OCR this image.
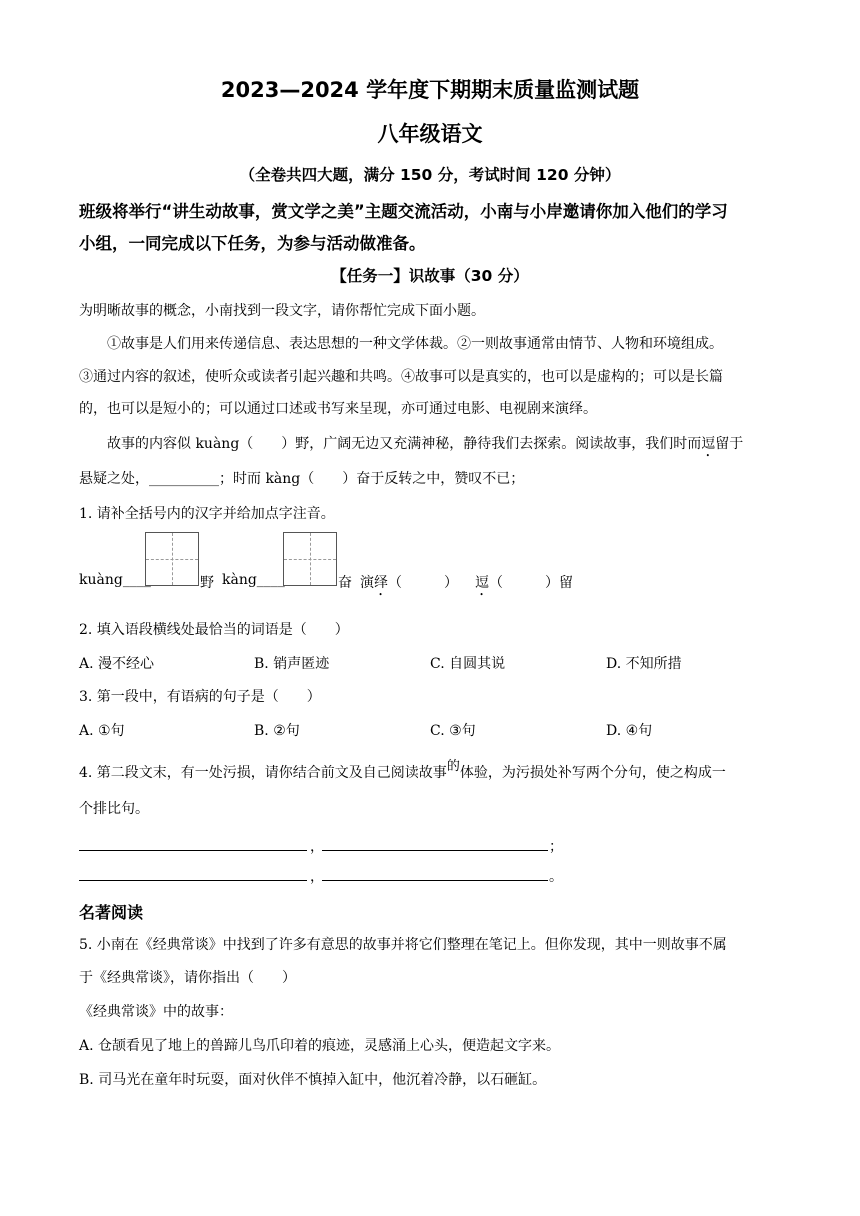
2023—2024 学年度下期期末质量监测试题
八年级语文
（全卷共四大题，满分 150 分，考试时间 120 分钟）
班级将举行“讲生动故事，赏文学之美”主题交流活动，小南与小岸邀请你加入他们的学习
小组，一同完成以下任务，为参与活动做准备。
【任务一】识故事（30 分）
为明晰故事的概念，小南找到一段文字，请你帮忙完成下面小题。
①故事是人们用来传递信息、表达思想的一种文学体裁。②一则故事通常由情节、人物和环境组成。
③通过内容的叙述，使听众或读者引起兴趣和共鸣。④故事可以是真实的，也可以是虚构的；可以是长篇
的，也可以是短小的；可以通过口述或书写来呈现，亦可通过电影、电视剧来演绎。
故事的内容似 kuàng（　　）野，广阔无边又充满神秘，静待我们去探索。阅读故事，我们时而逗留于
悬疑之处，__________；时而 kàng（　　）奋于反转之中，赞叹不已；
1. 请补全括号内的汉字并给加点字注音。
kuàng____	野 kàng____	奋 演绎（　　　） 逗（　　　）留
2. 填入语段横线处最恰当的词语是（　　）
A. 漫不经心	B. 销声匿迹	C. 自圆其说	D. 不知所措
3. 第一段中，有语病的句子是（　　）
A. ①句	B. ②句	C. ③句	D. ④句
4. 第二段文末，有一处污损，请你结合前文及自己阅读故事的体验，为污损处补写两个分句，使之构成一
个排比句。
，	；
，	。
名著阅读
5. 小南在《经典常谈》中找到了许多有意思的故事并将它们整理在笔记上。但你发现，其中一则故事不属
于《经典常谈》，请你指出（　　）
《经典常谈》中的故事：
A. 仓颉看见了地上的兽蹄儿鸟爪印着的痕迹，灵感涌上心头，便造起文字来。
B. 司马光在童年时玩耍，面对伙伴不慎掉入缸中，他沉着冷静，以石砸缸。
